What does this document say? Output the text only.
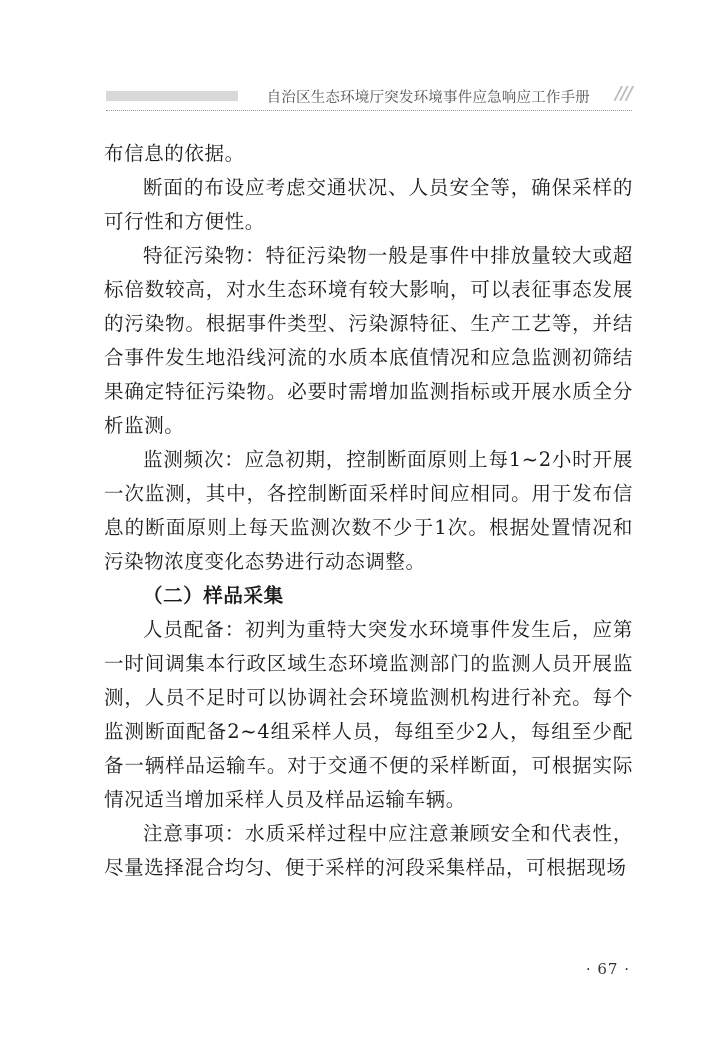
自治区生态环境厅突发环境事件应急响应工作手册 ///

布信息的依据。

断面的布设应考虑交通状况、人员安全等，确保采样的可行性和方便性。

特征污染物：特征污染物一般是事件中排放量较大或超标倍数较高，对水生态环境有较大影响，可以表征事态发展的污染物。根据事件类型、污染源特征、生产工艺等，并结合事件发生地沿线河流的水质本底值情况和应急监测初筛结果确定特征污染物。必要时需增加监测指标或开展水质全分析监测。

监测频次：应急初期，控制断面原则上每1~2小时开展一次监测，其中，各控制断面采样时间应相同。用于发布信息的断面原则上每天监测次数不少于1次。根据处置情况和污染物浓度变化态势进行动态调整。

（二）样品采集

人员配备：初判为重特大突发水环境事件发生后，应第一时间调集本行政区域生态环境监测部门的监测人员开展监测，人员不足时可以协调社会环境监测机构进行补充。每个监测断面配备2~4组采样人员，每组至少2人，每组至少配备一辆样品运输车。对于交通不便的采样断面，可根据实际情况适当增加采样人员及样品运输车辆。

注意事项：水质采样过程中应注意兼顾安全和代表性，尽量选择混合均匀、便于采样的河段采集样品，可根据现场

· 67 ·
